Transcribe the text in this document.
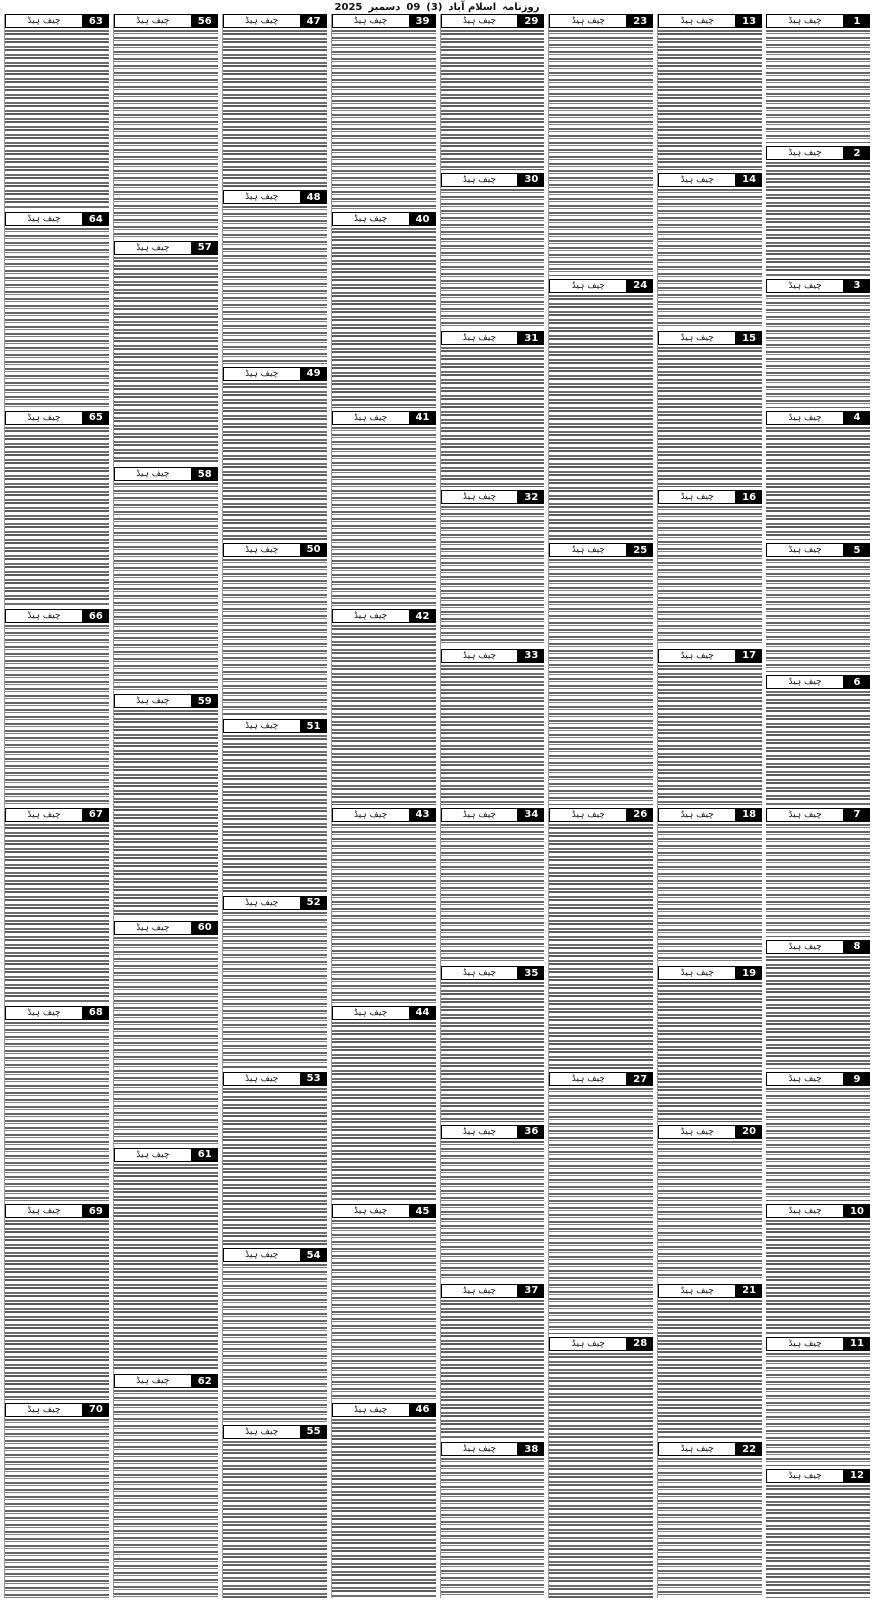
روزنامہ
اسلام آباد
(3)
09
دسمبر
2025
1
چیف ہیڈ
2
چیف ہیڈ
3
چیف ہیڈ
4
چیف ہیڈ
5
چیف ہیڈ
6
چیف ہیڈ
7
چیف ہیڈ
8
چیف ہیڈ
9
چیف ہیڈ
10
چیف ہیڈ
11
چیف ہیڈ
12
چیف ہیڈ
13
چیف ہیڈ
14
چیف ہیڈ
15
چیف ہیڈ
16
چیف ہیڈ
17
چیف ہیڈ
18
چیف ہیڈ
19
چیف ہیڈ
20
چیف ہیڈ
21
چیف ہیڈ
22
چیف ہیڈ
23
چیف ہیڈ
24
چیف ہیڈ
25
چیف ہیڈ
26
چیف ہیڈ
27
چیف ہیڈ
28
چیف ہیڈ
29
چیف ہیڈ
30
چیف ہیڈ
31
چیف ہیڈ
32
چیف ہیڈ
33
چیف ہیڈ
34
چیف ہیڈ
35
چیف ہیڈ
36
چیف ہیڈ
37
چیف ہیڈ
38
چیف ہیڈ
39
چیف ہیڈ
40
چیف ہیڈ
41
چیف ہیڈ
42
چیف ہیڈ
43
چیف ہیڈ
44
چیف ہیڈ
45
چیف ہیڈ
46
چیف ہیڈ
47
چیف ہیڈ
48
چیف ہیڈ
49
چیف ہیڈ
50
چیف ہیڈ
51
چیف ہیڈ
52
چیف ہیڈ
53
چیف ہیڈ
54
چیف ہیڈ
55
چیف ہیڈ
56
چیف ہیڈ
57
چیف ہیڈ
58
چیف ہیڈ
59
چیف ہیڈ
60
چیف ہیڈ
61
چیف ہیڈ
62
چیف ہیڈ
63
چیف ہیڈ
64
چیف ہیڈ
65
چیف ہیڈ
66
چیف ہیڈ
67
چیف ہیڈ
68
چیف ہیڈ
69
چیف ہیڈ
70
چیف ہیڈ
